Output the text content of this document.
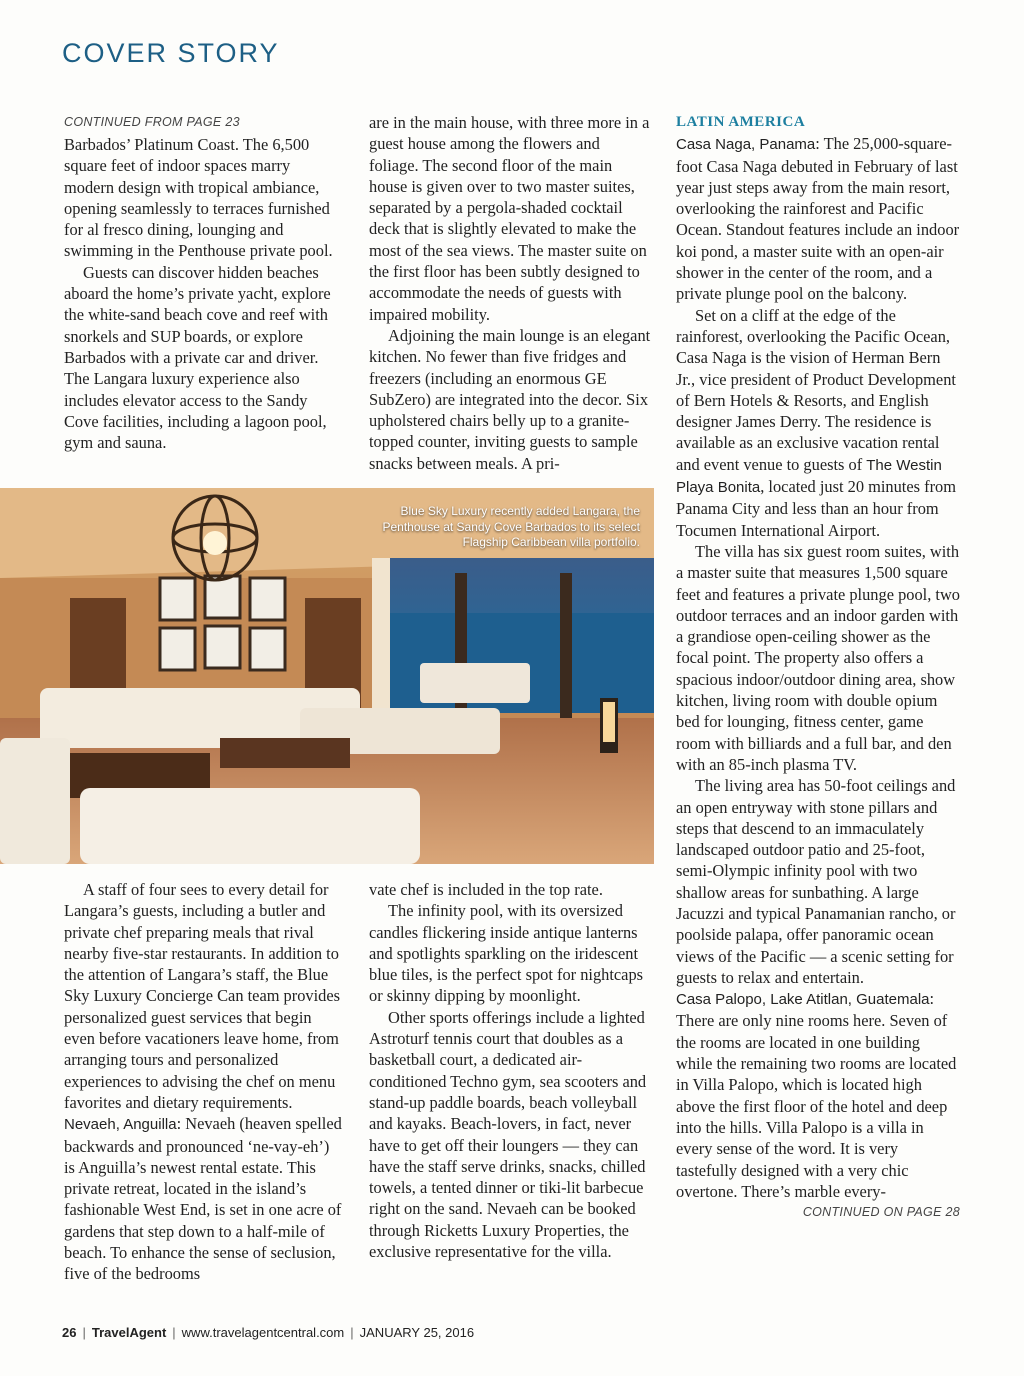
COVER STORY

CONTINUED FROM PAGE 23

Barbados’ Platinum Coast. The 6,500 square feet of indoor spaces marry modern design with tropical ambiance, opening seamlessly to terraces furnished for al fresco dining, lounging and swimming in the Penthouse private pool.

Guests can discover hidden beaches aboard the home’s private yacht, explore the white-sand beach cove and reef with snorkels and SUP boards, or explore Barbados with a private car and driver. The Langara luxury experience also includes elevator access to the Sandy Cove facilities, including a lagoon pool, gym and sauna.

are in the main house, with three more in a guest house among the flowers and foliage. The second floor of the main house is given over to two master suites, separated by a pergola-shaded cocktail deck that is slightly elevated to make the most of the sea views. The master suite on the first floor has been subtly designed to accommodate the needs of guests with impaired mobility.

Adjoining the main lounge is an elegant kitchen. No fewer than five fridges and freezers (including an enormous GE SubZero) are integrated into the decor. Six upholstered chairs belly up to a granite-topped counter, inviting guests to sample snacks between meals. A pri-

Blue Sky Luxury recently added Langara, the Penthouse at Sandy Cove Barbados to its select Flagship Caribbean villa portfolio.

A staff of four sees to every detail for Langara’s guests, including a butler and private chef preparing meals that rival nearby five-star restaurants. In addition to the attention of Langara’s staff, the Blue Sky Luxury Concierge Can team provides personalized guest services that begin even before vacationers leave home, from arranging tours and personalized experiences to advising the chef on menu favorites and dietary requirements.

Nevaeh, Anguilla: Nevaeh (heaven spelled backwards and pronounced ‘ne-vay-eh’) is Anguilla’s newest rental estate. This private retreat, located in the island’s fashionable West End, is set in one acre of gardens that step down to a half-mile of beach. To enhance the sense of seclusion, five of the bedrooms

vate chef is included in the top rate.

The infinity pool, with its oversized candles flickering inside antique lanterns and spotlights sparkling on the iridescent blue tiles, is the perfect spot for nightcaps or skinny dipping by moonlight.

Other sports offerings include a lighted Astroturf tennis court that doubles as a basketball court, a dedicated air-conditioned Techno gym, sea scooters and stand-up paddle boards, beach volleyball and kayaks. Beach-lovers, in fact, never have to get off their loungers — they can have the staff serve drinks, snacks, chilled towels, a tented dinner or tiki-lit barbecue right on the sand. Nevaeh can be booked through Ricketts Luxury Properties, the exclusive representative for the villa.

LATIN AMERICA

Casa Naga, Panama: The 25,000-square-foot Casa Naga debuted in February of last year just steps away from the main resort, overlooking the rainforest and Pacific Ocean. Standout features include an indoor koi pond, a master suite with an open-air shower in the center of the room, and a private plunge pool on the balcony.

Set on a cliff at the edge of the rainforest, overlooking the Pacific Ocean, Casa Naga is the vision of Herman Bern Jr., vice president of Product Development of Bern Hotels & Resorts, and English designer James Derry. The residence is available as an exclusive vacation rental and event venue to guests of The Westin Playa Bonita, located just 20 minutes from Panama City and less than an hour from Tocumen International Airport.

The villa has six guest room suites, with a master suite that measures 1,500 square feet and features a private plunge pool, two outdoor terraces and an indoor garden with a grandiose open-ceiling shower as the focal point. The property also offers a spacious indoor/outdoor dining area, show kitchen, living room with double opium bed for lounging, fitness center, game room with billiards and a full bar, and den with an 85-inch plasma TV.

The living area has 50-foot ceilings and an open entryway with stone pillars and steps that descend to an immaculately landscaped outdoor patio and 25-foot, semi-Olympic infinity pool with two shallow areas for sunbathing. A large Jacuzzi and typical Panamanian rancho, or poolside palapa, offer panoramic ocean views of the Pacific — a scenic setting for guests to relax and entertain.

Casa Palopo, Lake Atitlan, Guatemala: There are only nine rooms here. Seven of the rooms are located in one building while the remaining two rooms are located in Villa Palopo, which is located high above the first floor of the hotel and deep into the hills. Villa Palopo is a villa in every sense of the word. It is very tastefully designed with a very chic overtone. There’s marble every-

CONTINUED ON PAGE 28

26 | TravelAgent | www.travelagentcentral.com | JANUARY 25, 2016
